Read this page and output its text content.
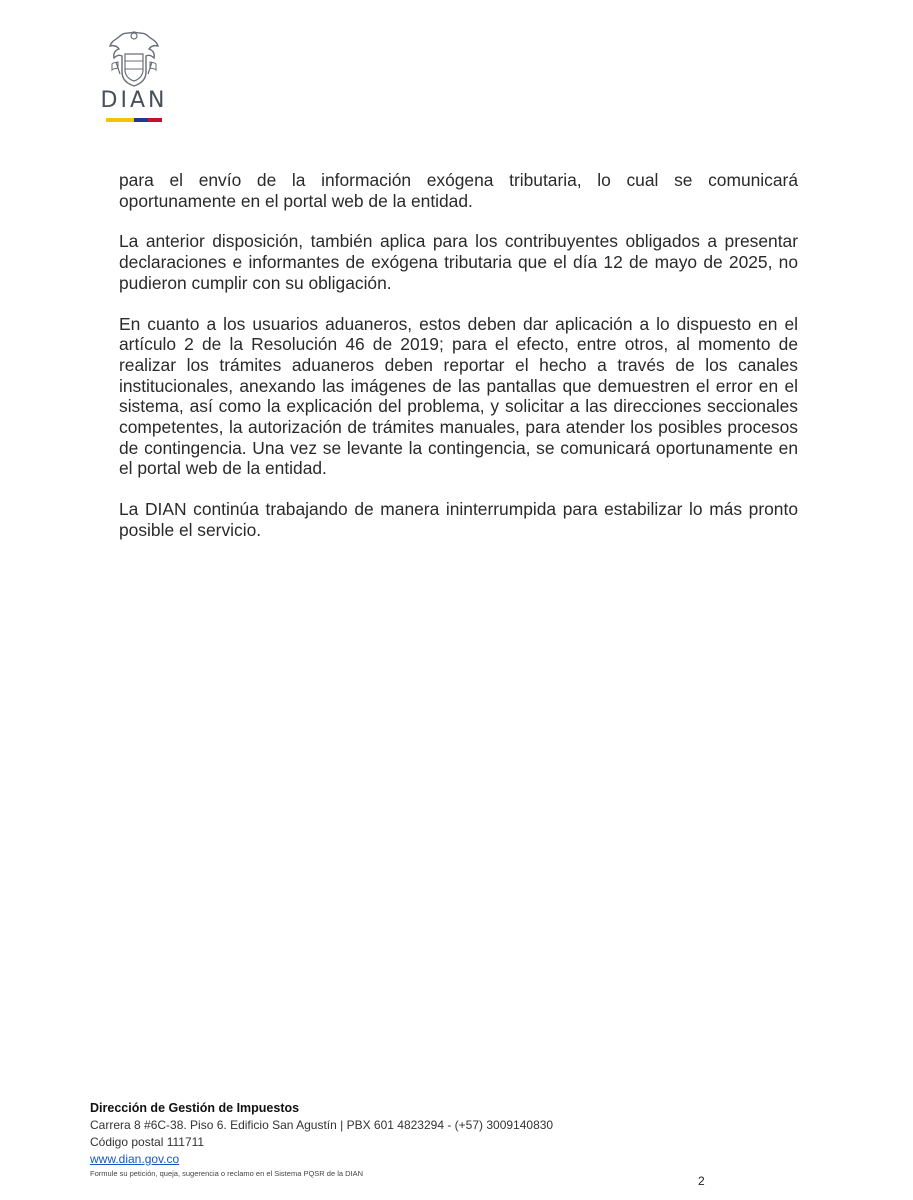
DIAN

para el envío de la información exógena tributaria, lo cual se comunicará oportunamente en el portal web de la entidad.

La anterior disposición, también aplica para los contribuyentes obligados a presentar declaraciones e informantes de exógena tributaria que el día 12 de mayo de 2025, no pudieron cumplir con su obligación.

En cuanto a los usuarios aduaneros, estos deben dar aplicación a lo dispuesto en el artículo 2 de la Resolución 46 de 2019; para el efecto, entre otros, al momento de realizar los trámites aduaneros deben reportar el hecho a través de los canales institucionales, anexando las imágenes de las pantallas que demuestren el error en el sistema, así como la explicación del problema, y solicitar a las direcciones seccionales competentes, la autorización de trámites manuales, para atender los posibles procesos de contingencia. Una vez se levante la contingencia, se comunicará oportunamente en el portal web de la entidad.

La DIAN continúa trabajando de manera ininterrumpida para estabilizar lo más pronto posible el servicio.

Dirección de Gestión de Impuestos
Carrera 8 #6C-38. Piso 6. Edificio San Agustín | PBX 601 4823294 - (+57) 3009140830
Código postal 111711
www.dian.gov.co
Formule su petición, queja, sugerencia o reclamo en el Sistema PQSR de la DIAN
2
